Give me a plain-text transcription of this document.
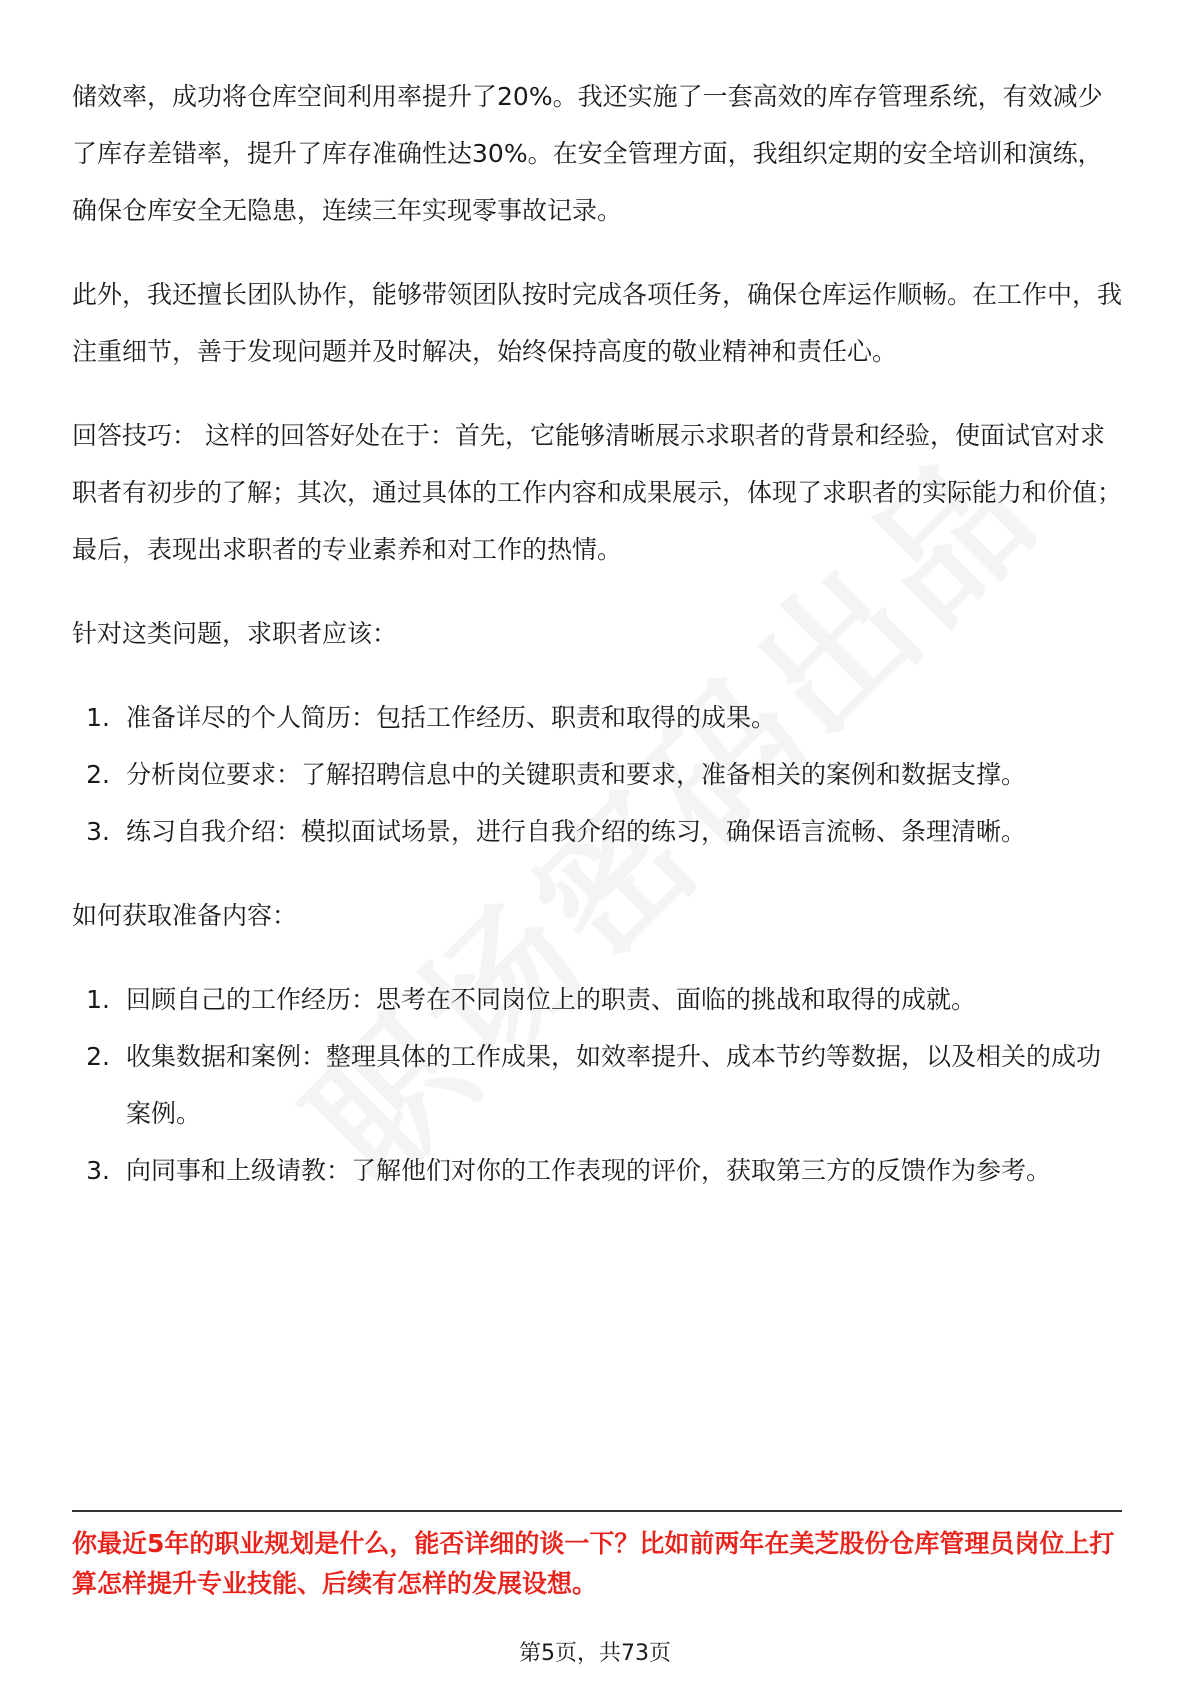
储效率，成功将仓库空间利用率提升了20%。我还实施了一套高效的库存管理系统，有效减少了库存差错率，提升了库存准确性达30%。在安全管理方面，我组织定期的安全培训和演练，确保仓库安全无隐患，连续三年实现零事故记录。

此外，我还擅长团队协作，能够带领团队按时完成各项任务，确保仓库运作顺畅。在工作中，我注重细节，善于发现问题并及时解决，始终保持高度的敬业精神和责任心。

回答技巧： 这样的回答好处在于：首先，它能够清晰展示求职者的背景和经验，使面试官对求职者有初步的了解；其次，通过具体的工作内容和成果展示，体现了求职者的实际能力和价值；最后，表现出求职者的专业素养和对工作的热情。

针对这类问题，求职者应该：

1. 准备详尽的个人简历：包括工作经历、职责和取得的成果。
2. 分析岗位要求：了解招聘信息中的关键职责和要求，准备相关的案例和数据支撑。
3. 练习自我介绍：模拟面试场景，进行自我介绍的练习，确保语言流畅、条理清晰。

如何获取准备内容：

1. 回顾自己的工作经历：思考在不同岗位上的职责、面临的挑战和取得的成就。
2. 收集数据和案例：整理具体的工作成果，如效率提升、成本节约等数据，以及相关的成功案例。
3. 向同事和上级请教：了解他们对你的工作表现的评价，获取第三方的反馈作为参考。
你最近5年的职业规划是什么，能否详细的谈一下？比如前两年在美芝股份仓库管理员岗位上打算怎样提升专业技能、后续有怎样的发展设想。
第5页，共73页
